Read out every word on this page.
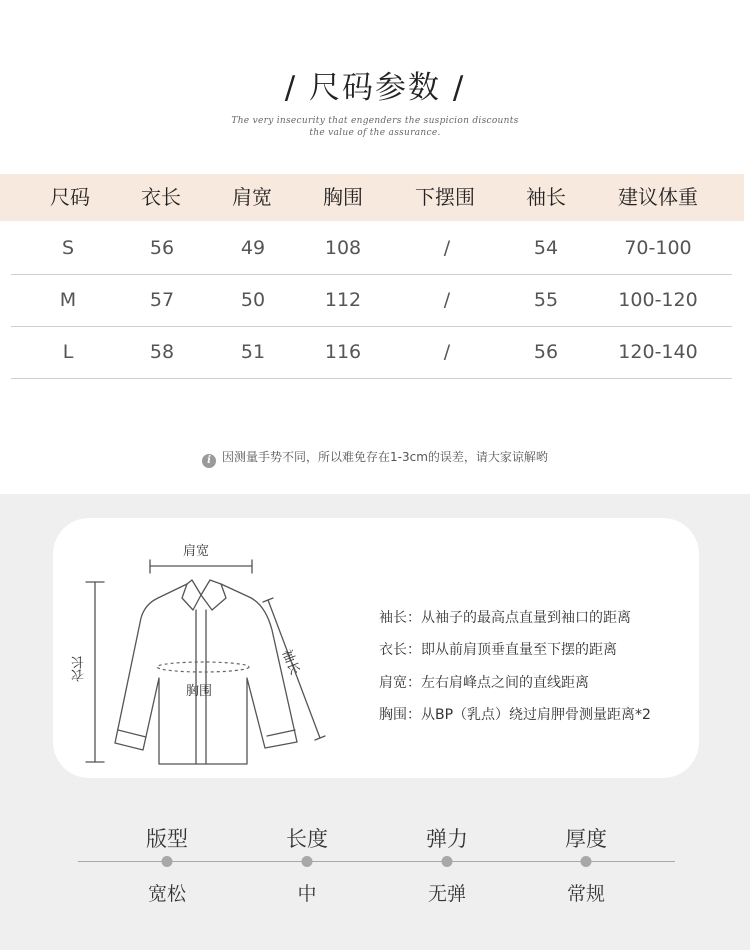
/ 尺码参数 /
The very insecurity that engenders the suspicion discounts
the value of the assurance.
尺码	衣长	肩宽	胸围	下摆围	袖长	建议体重
S	56	49	108	/	54	70-100
M	57	50	112	/	55	100-120
L	58	51	116	/	56	120-140
i 因测量手势不同，所以难免存在1-3cm的误差，请大家谅解哟
肩宽
衣长
胸围
袖长
袖长：从袖子的最高点直量到袖口的距离
衣长：即从前肩顶垂直量至下摆的距离
肩宽：左右肩峰点之间的直线距离
胸围：从BP（乳点）绕过肩胛骨测量距离*2
版型	长度	弹力	厚度
宽松	中	无弹	常规
